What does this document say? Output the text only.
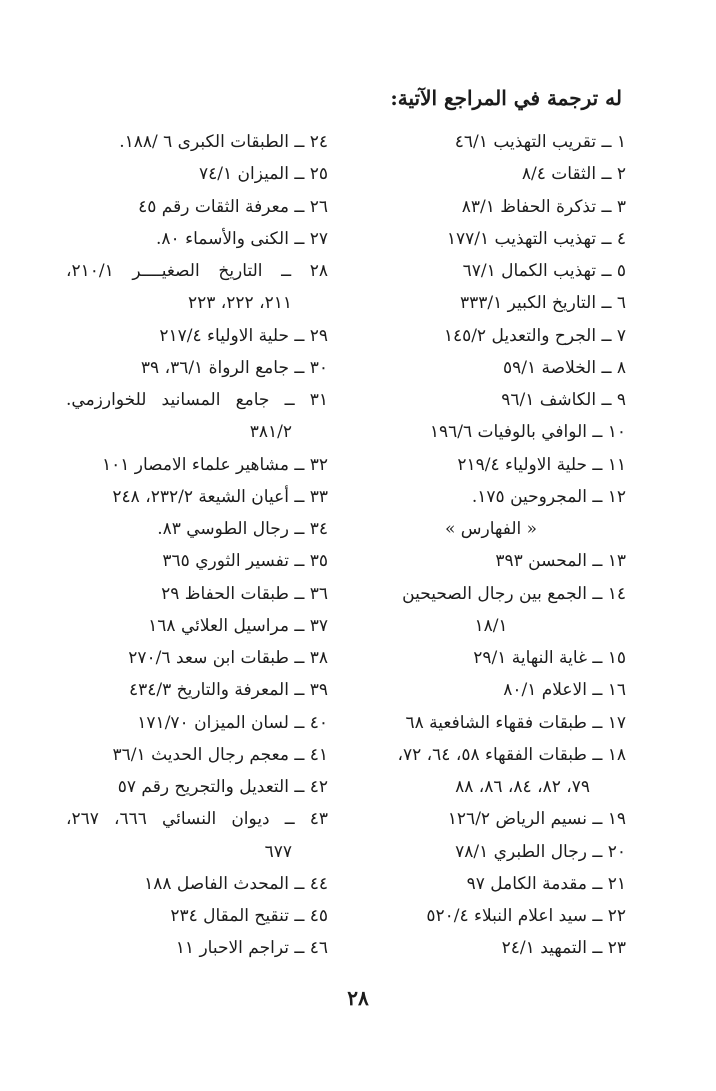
له ترجمة في المراجع الآتية:
١ ــ تقريب التهذيب ٤٦/١
٢ ــ الثقات ٨/٤
٣ ــ تذكرة الحفاظ ٨٣/١
٤ ــ تهذيب التهذيب ١٧٧/١
٥ ــ تهذيب الكمال ٦٧/١
٦ ــ التاريخ الكبير ٣٣٣/١
٧ ــ الجرح والتعديل ١٤٥/٢
٨ ــ الخلاصة ٥٩/١
٩ ــ الكاشف ٩٦/١
١٠ ــ الوافي بالوفيات ١٩٦/٦
١١ ــ حلية الاولياء ٢١٩/٤
١٢ ــ المجروحين ١٧٥.
« الفهارس »
١٣ ــ المحسن ٣٩٣
١٤ ــ الجمع بين رجال الصحيحين
١٨/١
١٥ ــ غاية النهاية ٢٩/١
١٦ ــ الاعلام ٨٠/١
١٧ ــ طبقات فقهاء الشافعية ٦٨
١٨ ــ طبقات الفقهاء ٥٨، ٦٤، ٧٢،
٧٩، ٨٢، ٨٤، ٨٦، ٨٨
١٩ ــ نسيم الرياض ١٢٦/٢
٢٠ ــ رجال الطبري ٧٨/١
٢١ ــ مقدمة الكامل ٩٧
٢٢ ــ سيد اعلام النبلاء ٥٢٠/٤
٢٣ ــ التمهيد ٢٤/١
٢٤ ــ الطبقات الكبرى ٦ /١٨٨.
٢٥ ــ الميزان ٧٤/١
٢٦ ــ معرفة الثقات رقم ٤٥
٢٧ ــ الكنى والأسماء ٨٠.
٢٨ ــ التاريخ الصغيــــر ٢١٠/١،
٢١١، ٢٢٢، ٢٢٣
٢٩ ــ حلية الاولياء ٢١٧/٤
٣٠ ــ جامع الرواة ٣٦/١، ٣٩
٣١ ــ جامع المسانيد للخوارزمي.
٣٨١/٢
٣٢ ــ مشاهير علماء الامصار ١٠١
٣٣ ــ أعيان الشيعة ٢٣٢/٢، ٢٤٨
٣٤ ــ رجال الطوسي ٨٣.
٣٥ ــ تفسير الثوري ٣٦٥
٣٦ ــ طبقات الحفاظ ٢٩
٣٧ ــ مراسيل العلائي ١٦٨
٣٨ ــ طبقات ابن سعد ٢٧٠/٦
٣٩ ــ المعرفة والتاريخ ٤٣٤/٣
٤٠ ــ لسان الميزان ١٧١/٧٠
٤١ ــ معجم رجال الحديث ٣٦/١
٤٢ ــ التعديل والتجريح رقم ٥٧
٤٣ ــ ديوان النسائي ٦٦٦، ٢٦٧،
٦٧٧
٤٤ ــ المحدث الفاصل ١٨٨
٤٥ ــ تنقيح المقال ٢٣٤
٤٦ ــ تراجم الاحبار ١١
٢٨
